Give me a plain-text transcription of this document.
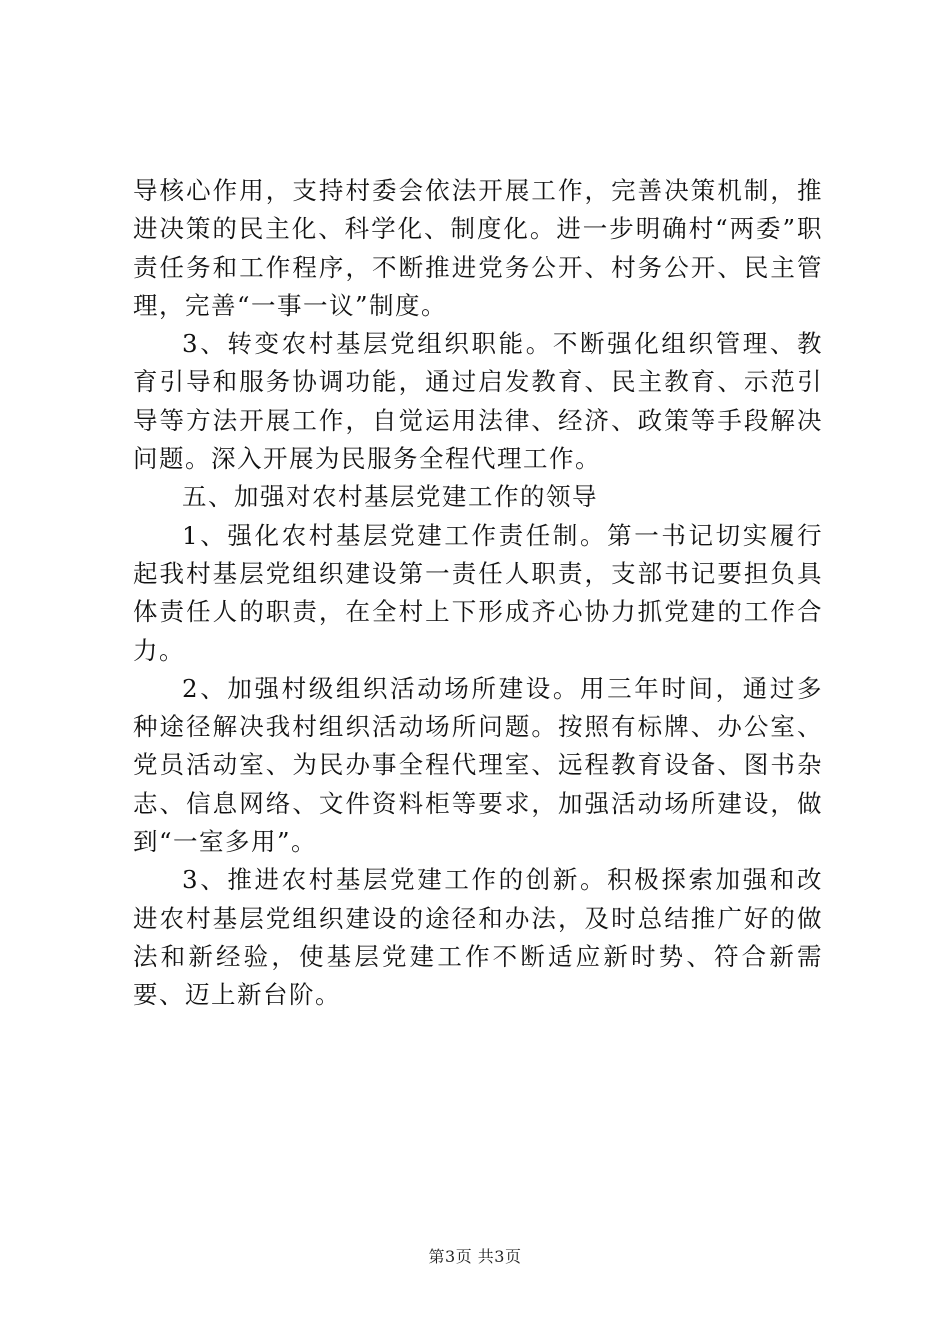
导核心作用，支持村委会依法开展工作，完善决策机制，推进决策的民主化、科学化、制度化。进一步明确村“两委”职责任务和工作程序，不断推进党务公开、村务公开、民主管理，完善“一事一议”制度。

3、转变农村基层党组织职能。不断强化组织管理、教育引导和服务协调功能，通过启发教育、民主教育、示范引导等方法开展工作，自觉运用法律、经济、政策等手段解决问题。深入开展为民服务全程代理工作。

五、加强对农村基层党建工作的领导

1、强化农村基层党建工作责任制。第一书记切实履行起我村基层党组织建设第一责任人职责，支部书记要担负具体责任人的职责，在全村上下形成齐心协力抓党建的工作合力。

2、加强村级组织活动场所建设。用三年时间，通过多种途径解决我村组织活动场所问题。按照有标牌、办公室、党员活动室、为民办事全程代理室、远程教育设备、图书杂志、信息网络、文件资料柜等要求，加强活动场所建设，做到“一室多用”。

3、推进农村基层党建工作的创新。积极探索加强和改进农村基层党组织建设的途径和办法，及时总结推广好的做法和新经验，使基层党建工作不断适应新时势、符合新需要、迈上新台阶。

第3页 共3页
